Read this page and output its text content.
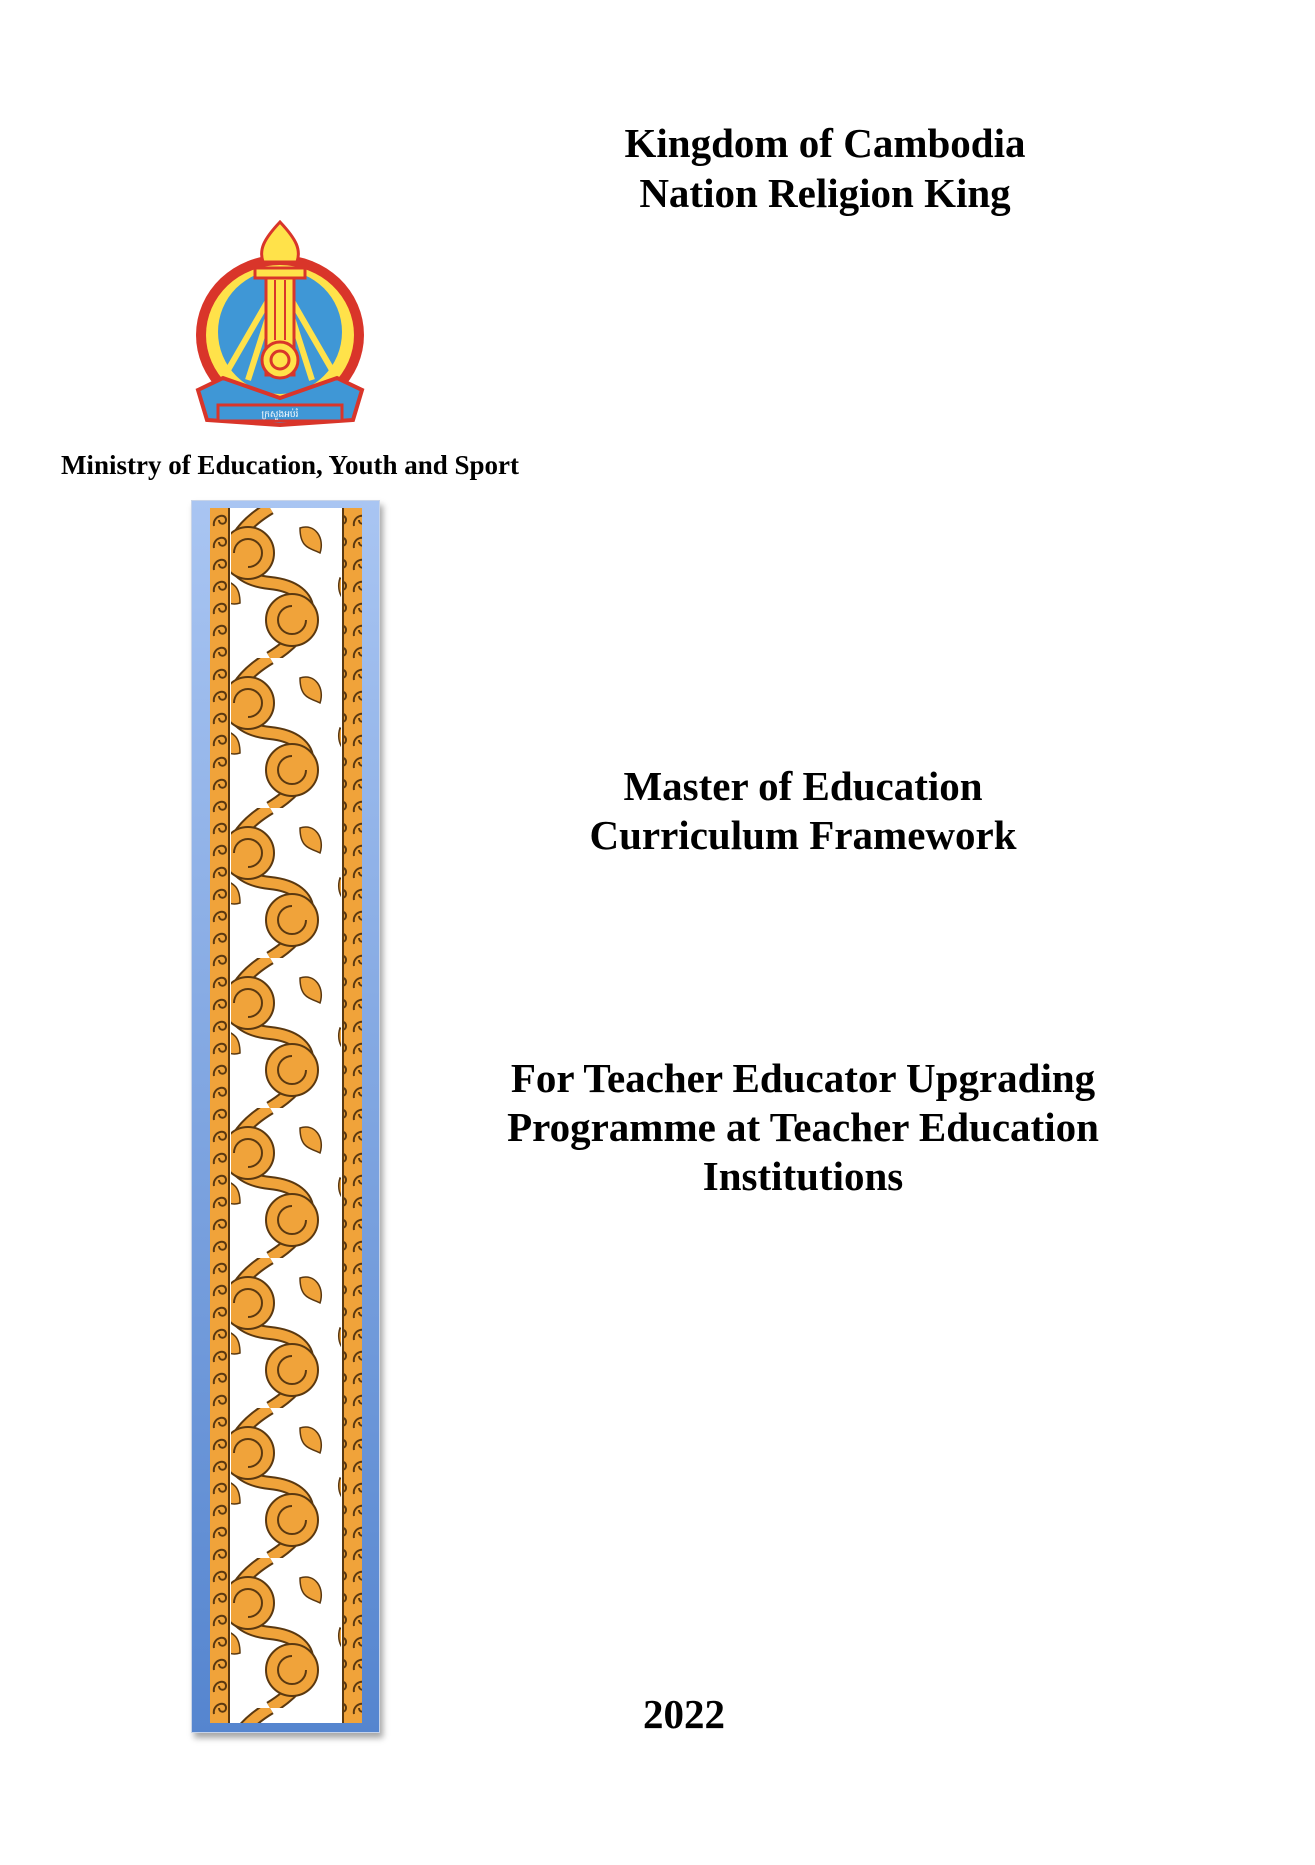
Kingdom of Cambodia
Nation Religion King
ក្រសួងអប់រំ
Ministry of Education, Youth and Sport
Master of Education
Curriculum Framework
For Teacher Educator Upgrading
Programme at Teacher Education
Institutions
2022
